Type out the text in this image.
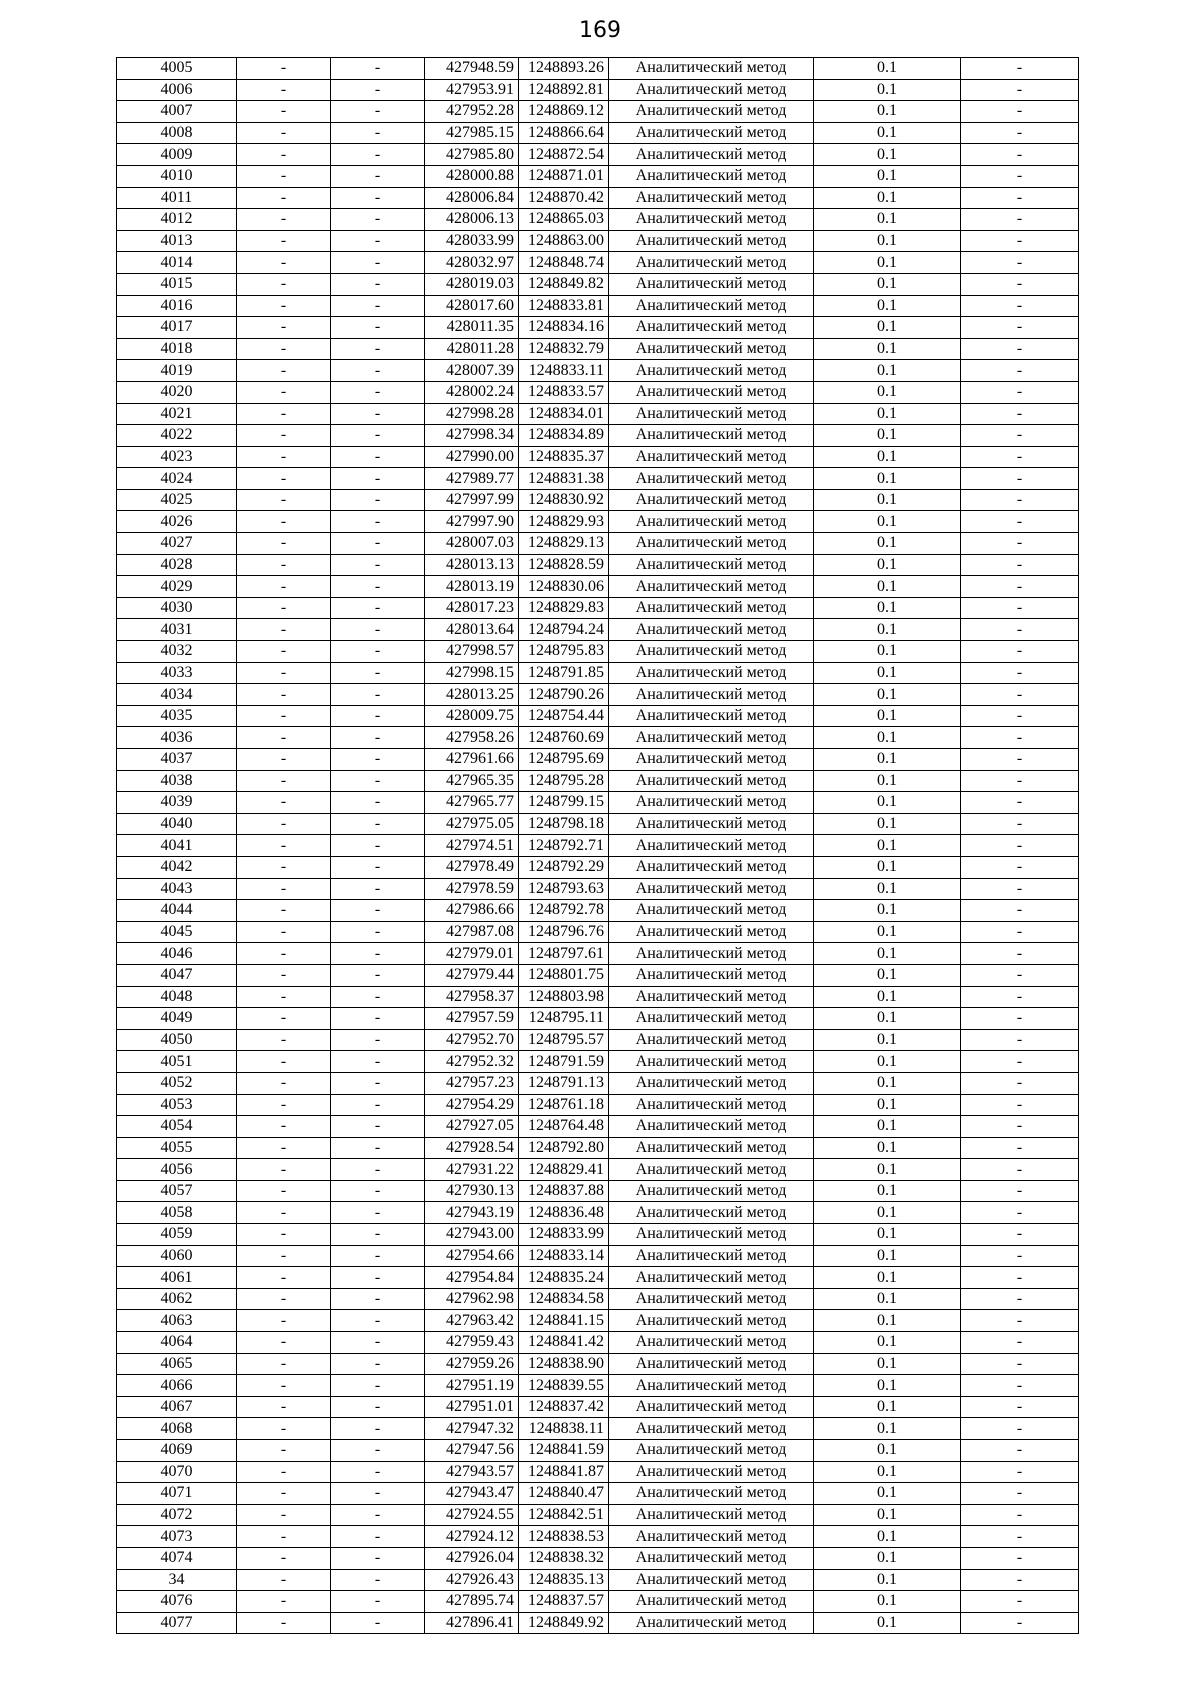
169
4005	-	-	427948.59	1248893.26	Аналитический метод	0.1	-
4006	-	-	427953.91	1248892.81	Аналитический метод	0.1	-
4007	-	-	427952.28	1248869.12	Аналитический метод	0.1	-
4008	-	-	427985.15	1248866.64	Аналитический метод	0.1	-
4009	-	-	427985.80	1248872.54	Аналитический метод	0.1	-
4010	-	-	428000.88	1248871.01	Аналитический метод	0.1	-
4011	-	-	428006.84	1248870.42	Аналитический метод	0.1	-
4012	-	-	428006.13	1248865.03	Аналитический метод	0.1	-
4013	-	-	428033.99	1248863.00	Аналитический метод	0.1	-
4014	-	-	428032.97	1248848.74	Аналитический метод	0.1	-
4015	-	-	428019.03	1248849.82	Аналитический метод	0.1	-
4016	-	-	428017.60	1248833.81	Аналитический метод	0.1	-
4017	-	-	428011.35	1248834.16	Аналитический метод	0.1	-
4018	-	-	428011.28	1248832.79	Аналитический метод	0.1	-
4019	-	-	428007.39	1248833.11	Аналитический метод	0.1	-
4020	-	-	428002.24	1248833.57	Аналитический метод	0.1	-
4021	-	-	427998.28	1248834.01	Аналитический метод	0.1	-
4022	-	-	427998.34	1248834.89	Аналитический метод	0.1	-
4023	-	-	427990.00	1248835.37	Аналитический метод	0.1	-
4024	-	-	427989.77	1248831.38	Аналитический метод	0.1	-
4025	-	-	427997.99	1248830.92	Аналитический метод	0.1	-
4026	-	-	427997.90	1248829.93	Аналитический метод	0.1	-
4027	-	-	428007.03	1248829.13	Аналитический метод	0.1	-
4028	-	-	428013.13	1248828.59	Аналитический метод	0.1	-
4029	-	-	428013.19	1248830.06	Аналитический метод	0.1	-
4030	-	-	428017.23	1248829.83	Аналитический метод	0.1	-
4031	-	-	428013.64	1248794.24	Аналитический метод	0.1	-
4032	-	-	427998.57	1248795.83	Аналитический метод	0.1	-
4033	-	-	427998.15	1248791.85	Аналитический метод	0.1	-
4034	-	-	428013.25	1248790.26	Аналитический метод	0.1	-
4035	-	-	428009.75	1248754.44	Аналитический метод	0.1	-
4036	-	-	427958.26	1248760.69	Аналитический метод	0.1	-
4037	-	-	427961.66	1248795.69	Аналитический метод	0.1	-
4038	-	-	427965.35	1248795.28	Аналитический метод	0.1	-
4039	-	-	427965.77	1248799.15	Аналитический метод	0.1	-
4040	-	-	427975.05	1248798.18	Аналитический метод	0.1	-
4041	-	-	427974.51	1248792.71	Аналитический метод	0.1	-
4042	-	-	427978.49	1248792.29	Аналитический метод	0.1	-
4043	-	-	427978.59	1248793.63	Аналитический метод	0.1	-
4044	-	-	427986.66	1248792.78	Аналитический метод	0.1	-
4045	-	-	427987.08	1248796.76	Аналитический метод	0.1	-
4046	-	-	427979.01	1248797.61	Аналитический метод	0.1	-
4047	-	-	427979.44	1248801.75	Аналитический метод	0.1	-
4048	-	-	427958.37	1248803.98	Аналитический метод	0.1	-
4049	-	-	427957.59	1248795.11	Аналитический метод	0.1	-
4050	-	-	427952.70	1248795.57	Аналитический метод	0.1	-
4051	-	-	427952.32	1248791.59	Аналитический метод	0.1	-
4052	-	-	427957.23	1248791.13	Аналитический метод	0.1	-
4053	-	-	427954.29	1248761.18	Аналитический метод	0.1	-
4054	-	-	427927.05	1248764.48	Аналитический метод	0.1	-
4055	-	-	427928.54	1248792.80	Аналитический метод	0.1	-
4056	-	-	427931.22	1248829.41	Аналитический метод	0.1	-
4057	-	-	427930.13	1248837.88	Аналитический метод	0.1	-
4058	-	-	427943.19	1248836.48	Аналитический метод	0.1	-
4059	-	-	427943.00	1248833.99	Аналитический метод	0.1	-
4060	-	-	427954.66	1248833.14	Аналитический метод	0.1	-
4061	-	-	427954.84	1248835.24	Аналитический метод	0.1	-
4062	-	-	427962.98	1248834.58	Аналитический метод	0.1	-
4063	-	-	427963.42	1248841.15	Аналитический метод	0.1	-
4064	-	-	427959.43	1248841.42	Аналитический метод	0.1	-
4065	-	-	427959.26	1248838.90	Аналитический метод	0.1	-
4066	-	-	427951.19	1248839.55	Аналитический метод	0.1	-
4067	-	-	427951.01	1248837.42	Аналитический метод	0.1	-
4068	-	-	427947.32	1248838.11	Аналитический метод	0.1	-
4069	-	-	427947.56	1248841.59	Аналитический метод	0.1	-
4070	-	-	427943.57	1248841.87	Аналитический метод	0.1	-
4071	-	-	427943.47	1248840.47	Аналитический метод	0.1	-
4072	-	-	427924.55	1248842.51	Аналитический метод	0.1	-
4073	-	-	427924.12	1248838.53	Аналитический метод	0.1	-
4074	-	-	427926.04	1248838.32	Аналитический метод	0.1	-
34	-	-	427926.43	1248835.13	Аналитический метод	0.1	-
4076	-	-	427895.74	1248837.57	Аналитический метод	0.1	-
4077	-	-	427896.41	1248849.92	Аналитический метод	0.1	-
